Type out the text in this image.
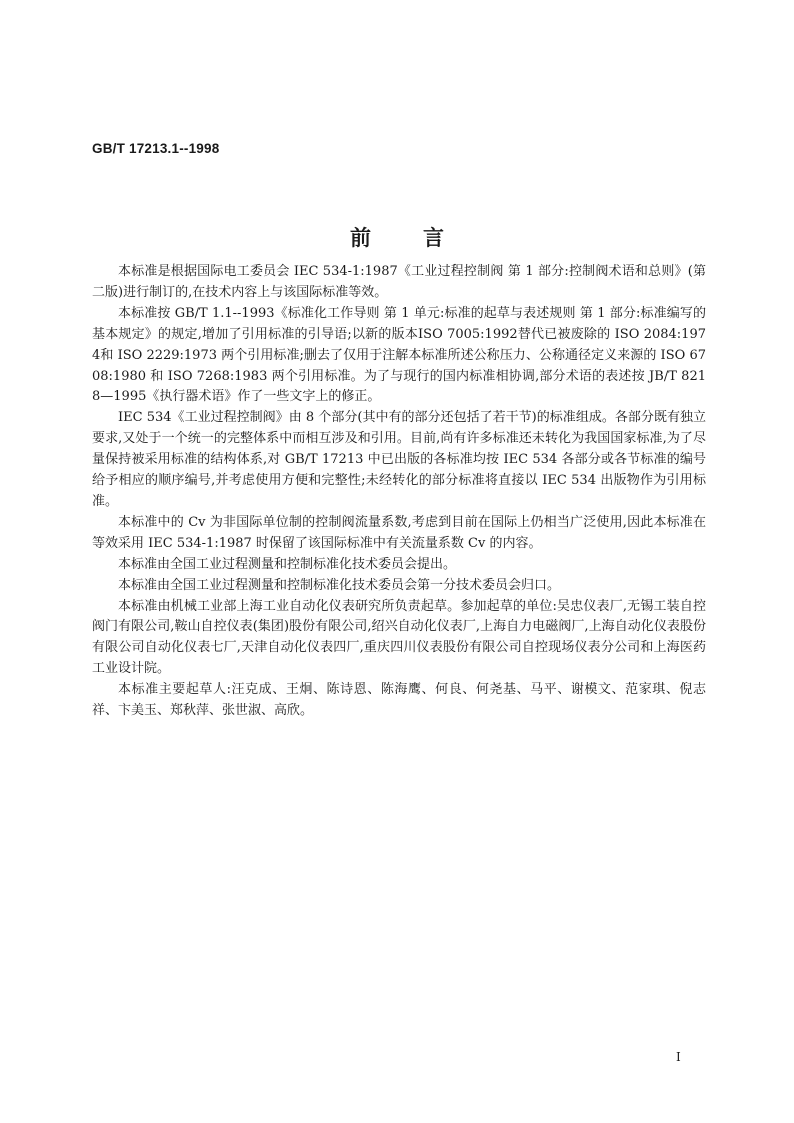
GB/T 17213.1--1998
前言

本标准是根据国际电工委员会 IEC 534-1:1987《工业过程控制阀 第 1 部分:控制阀术语和总则》(第二版)进行制订的,在技术内容上与该国际标准等效。

本标准按 GB/T 1.1--1993《标准化工作导则 第 1 单元:标准的起草与表述规则 第 1 部分:标准编写的基本规定》的规定,增加了引用标准的引导语;以新的版本ISO 7005:1992替代已被废除的 ISO 2084:1974和 ISO 2229:1973 两个引用标准;删去了仅用于注解本标准所述公称压力、公称通径定义来源的 ISO 6708:1980 和 ISO 7268:1983 两个引用标准。为了与现行的国内标准相协调,部分术语的表述按 JB/T 8218—1995《执行器术语》作了一些文字上的修正。

IEC 534《工业过程控制阀》由 8 个部分(其中有的部分还包括了若干节)的标准组成。各部分既有独立要求,又处于一个统一的完整体系中而相互涉及和引用。目前,尚有许多标准还未转化为我国国家标准,为了尽量保持被采用标准的结构体系,对 GB/T 17213 中已出版的各标准均按 IEC 534 各部分或各节标准的编号给予相应的顺序编号,并考虑使用方便和完整性;未经转化的部分标准将直接以 IEC 534 出版物作为引用标准。

本标准中的 Cv 为非国际单位制的控制阀流量系数,考虑到目前在国际上仍相当广泛使用,因此本标准在等效采用 IEC 534-1:1987 时保留了该国际标准中有关流量系数 Cv 的内容。

本标准由全国工业过程测量和控制标准化技术委员会提出。

本标准由全国工业过程测量和控制标准化技术委员会第一分技术委员会归口。

本标准由机械工业部上海工业自动化仪表研究所负责起草。参加起草的单位:吴忠仪表厂,无锡工装自控阀门有限公司,鞍山自控仪表(集团)股份有限公司,绍兴自动化仪表厂,上海自力电磁阀厂,上海自动化仪表股份有限公司自动化仪表七厂,天津自动化仪表四厂,重庆四川仪表股份有限公司自控现场仪表分公司和上海医药工业设计院。

本标准主要起草人:汪克成、王炯、陈诗恩、陈海鹰、何良、何尧基、马平、谢模文、范家琪、倪志祥、卞美玉、郑秋萍、张世淑、高欣。

I
